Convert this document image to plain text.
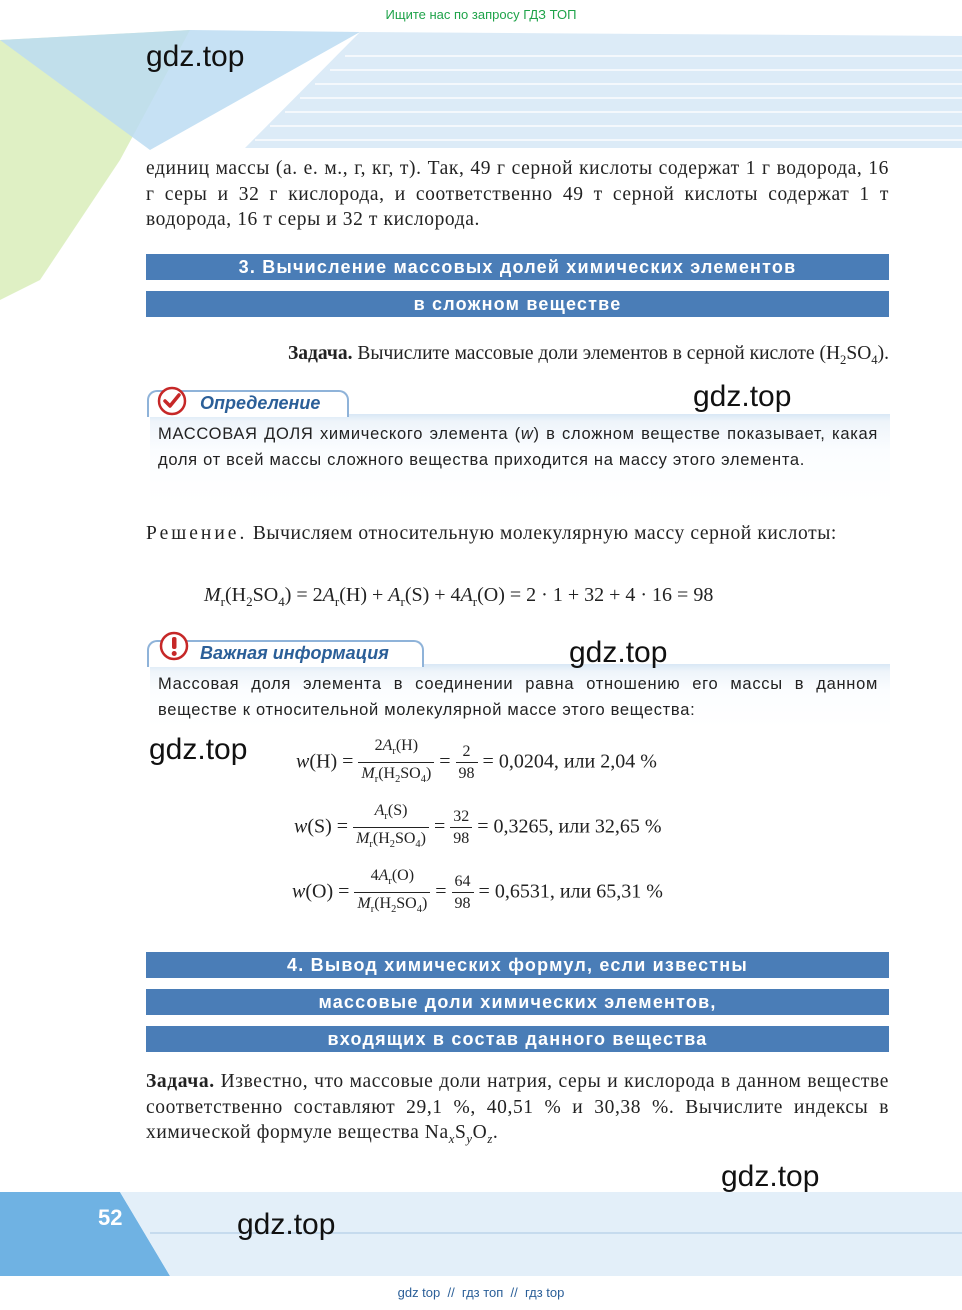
Ищите нас по запросу ГДЗ ТОП
gdz.top
единиц массы (а. е. м., г, кг, т). Так, 49 г серной кислоты содержат 1 г водорода, 16 г серы и 32 г кислорода, и соответственно 49 т серной кислоты содержат 1 т водорода, 16 т серы и 32 т кислорода.
3. Вычисление массовых долей химических элементов
в сложном веществе
Задача. Вычислите массовые доли элементов в серной кислоте $(H_2SO_4)$.
Определение	gdz.top
МАССОВАЯ ДОЛЯ химического элемента (w) в сложном веществе показывает, какая доля от всей массы сложного вещества приходится на массу этого элемента.
Решение. Вычисляем относительную молекулярную массу серной кислоты:
$M_r(H_2SO_4) = 2A_r(H) + A_r(S) + 4A_r(O) = 2 \cdot 1 + 32 + 4 \cdot 16 = 98$
Важная информация	gdz.top
Массовая доля элемента в соединении равна отношению его массы в данном веществе к относительной молекулярной массе этого вещества:
gdz.top $w(H) = \frac{2A_r(H)}{M_r(H_2SO_4)} = \frac{2}{98} = 0,0204$, или 2,04 %
$w(S) = \frac{A_r(S)}{M_r(H_2SO_4)} = \frac{32}{98} = 0,3265$, или 32,65 %
$w(O) = \frac{4A_r(O)}{M_r(H_2SO_4)} = \frac{64}{98} = 0,6531$, или 65,31 %
4. Вывод химических формул, если известны
массовые доли химических элементов,
входящих в состав данного вещества
Задача. Известно, что массовые доли натрия, серы и кислорода в данном веществе соответственно составляют 29,1 %, 40,51 % и 30,38 %. Вычислите индексы в химической формуле вещества $Na_xS_yO_z$.
gdz.top
gdz.top
52
gdz top  //  гдз топ  //  гдз top
